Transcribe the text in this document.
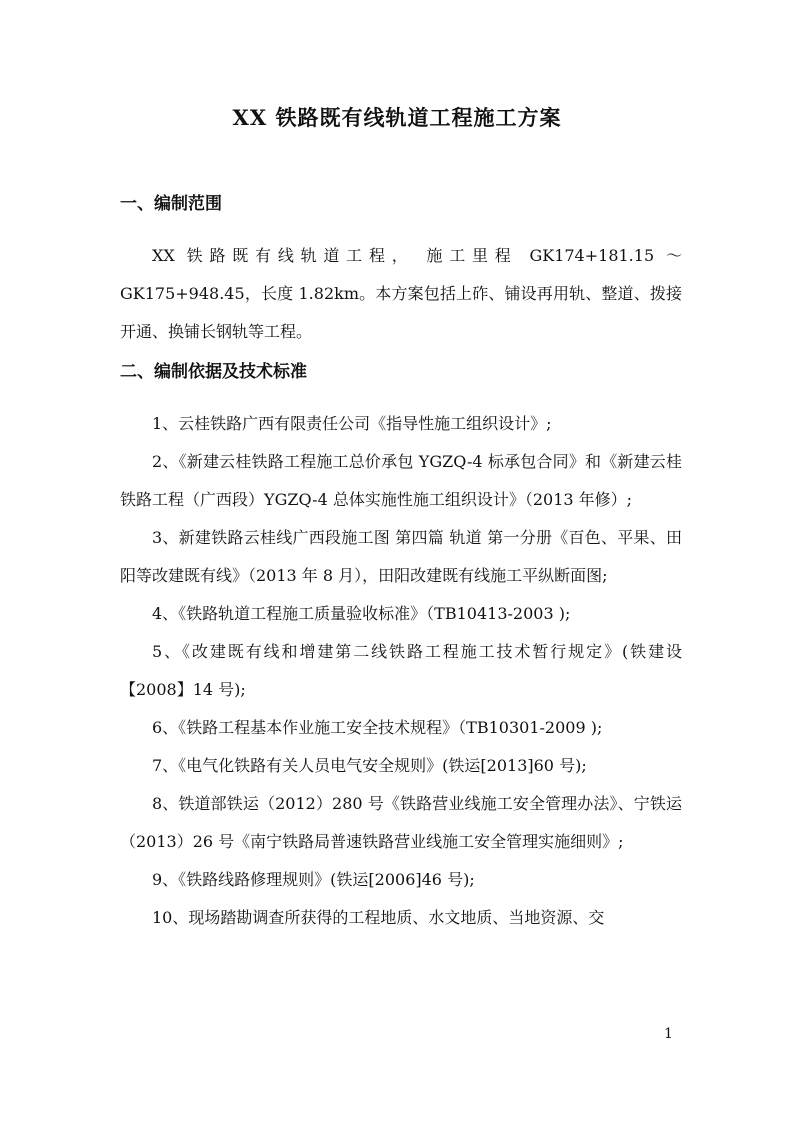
XX 铁路既有线轨道工程施工方案
一、编制范围

XX 铁路既有线轨道工程， 施工里程 GK174+181.15 ～ GK175+948.45，长度 1.82km。本方案包括上砟、铺设再用轨、整道、拨接开通、换铺长钢轨等工程。

二、编制依据及技术标准

1、云桂铁路广西有限责任公司《指导性施工组织设计》;

2、《新建云桂铁路工程施工总价承包 YGZQ-4 标承包合同》和《新建云桂铁路工程（广西段）YGZQ-4 总体实施性施工组织设计》（2013 年修）;

3、新建铁路云桂线广西段施工图 第四篇 轨道 第一分册《百色、平果、田阳等改建既有线》（2013 年 8 月），田阳改建既有线施工平纵断面图;

4、《铁路轨道工程施工质量验收标准》（TB10413-2003 );

5、《改建既有线和增建第二线铁路工程施工技术暂行规定》(铁建设【2008】14 号);

6、《铁路工程基本作业施工安全技术规程》（TB10301-2009 );

7、《电气化铁路有关人员电气安全规则》(铁运[2013]60 号);

8、铁道部铁运（2012）280 号《铁路营业线施工安全管理办法》、宁铁运（2013）26 号《南宁铁路局普速铁路营业线施工安全管理实施细则》;

9、《铁路线路修理规则》(铁运[2006]46 号);

10、现场踏勘调查所获得的工程地质、水文地质、当地资源、交

1
